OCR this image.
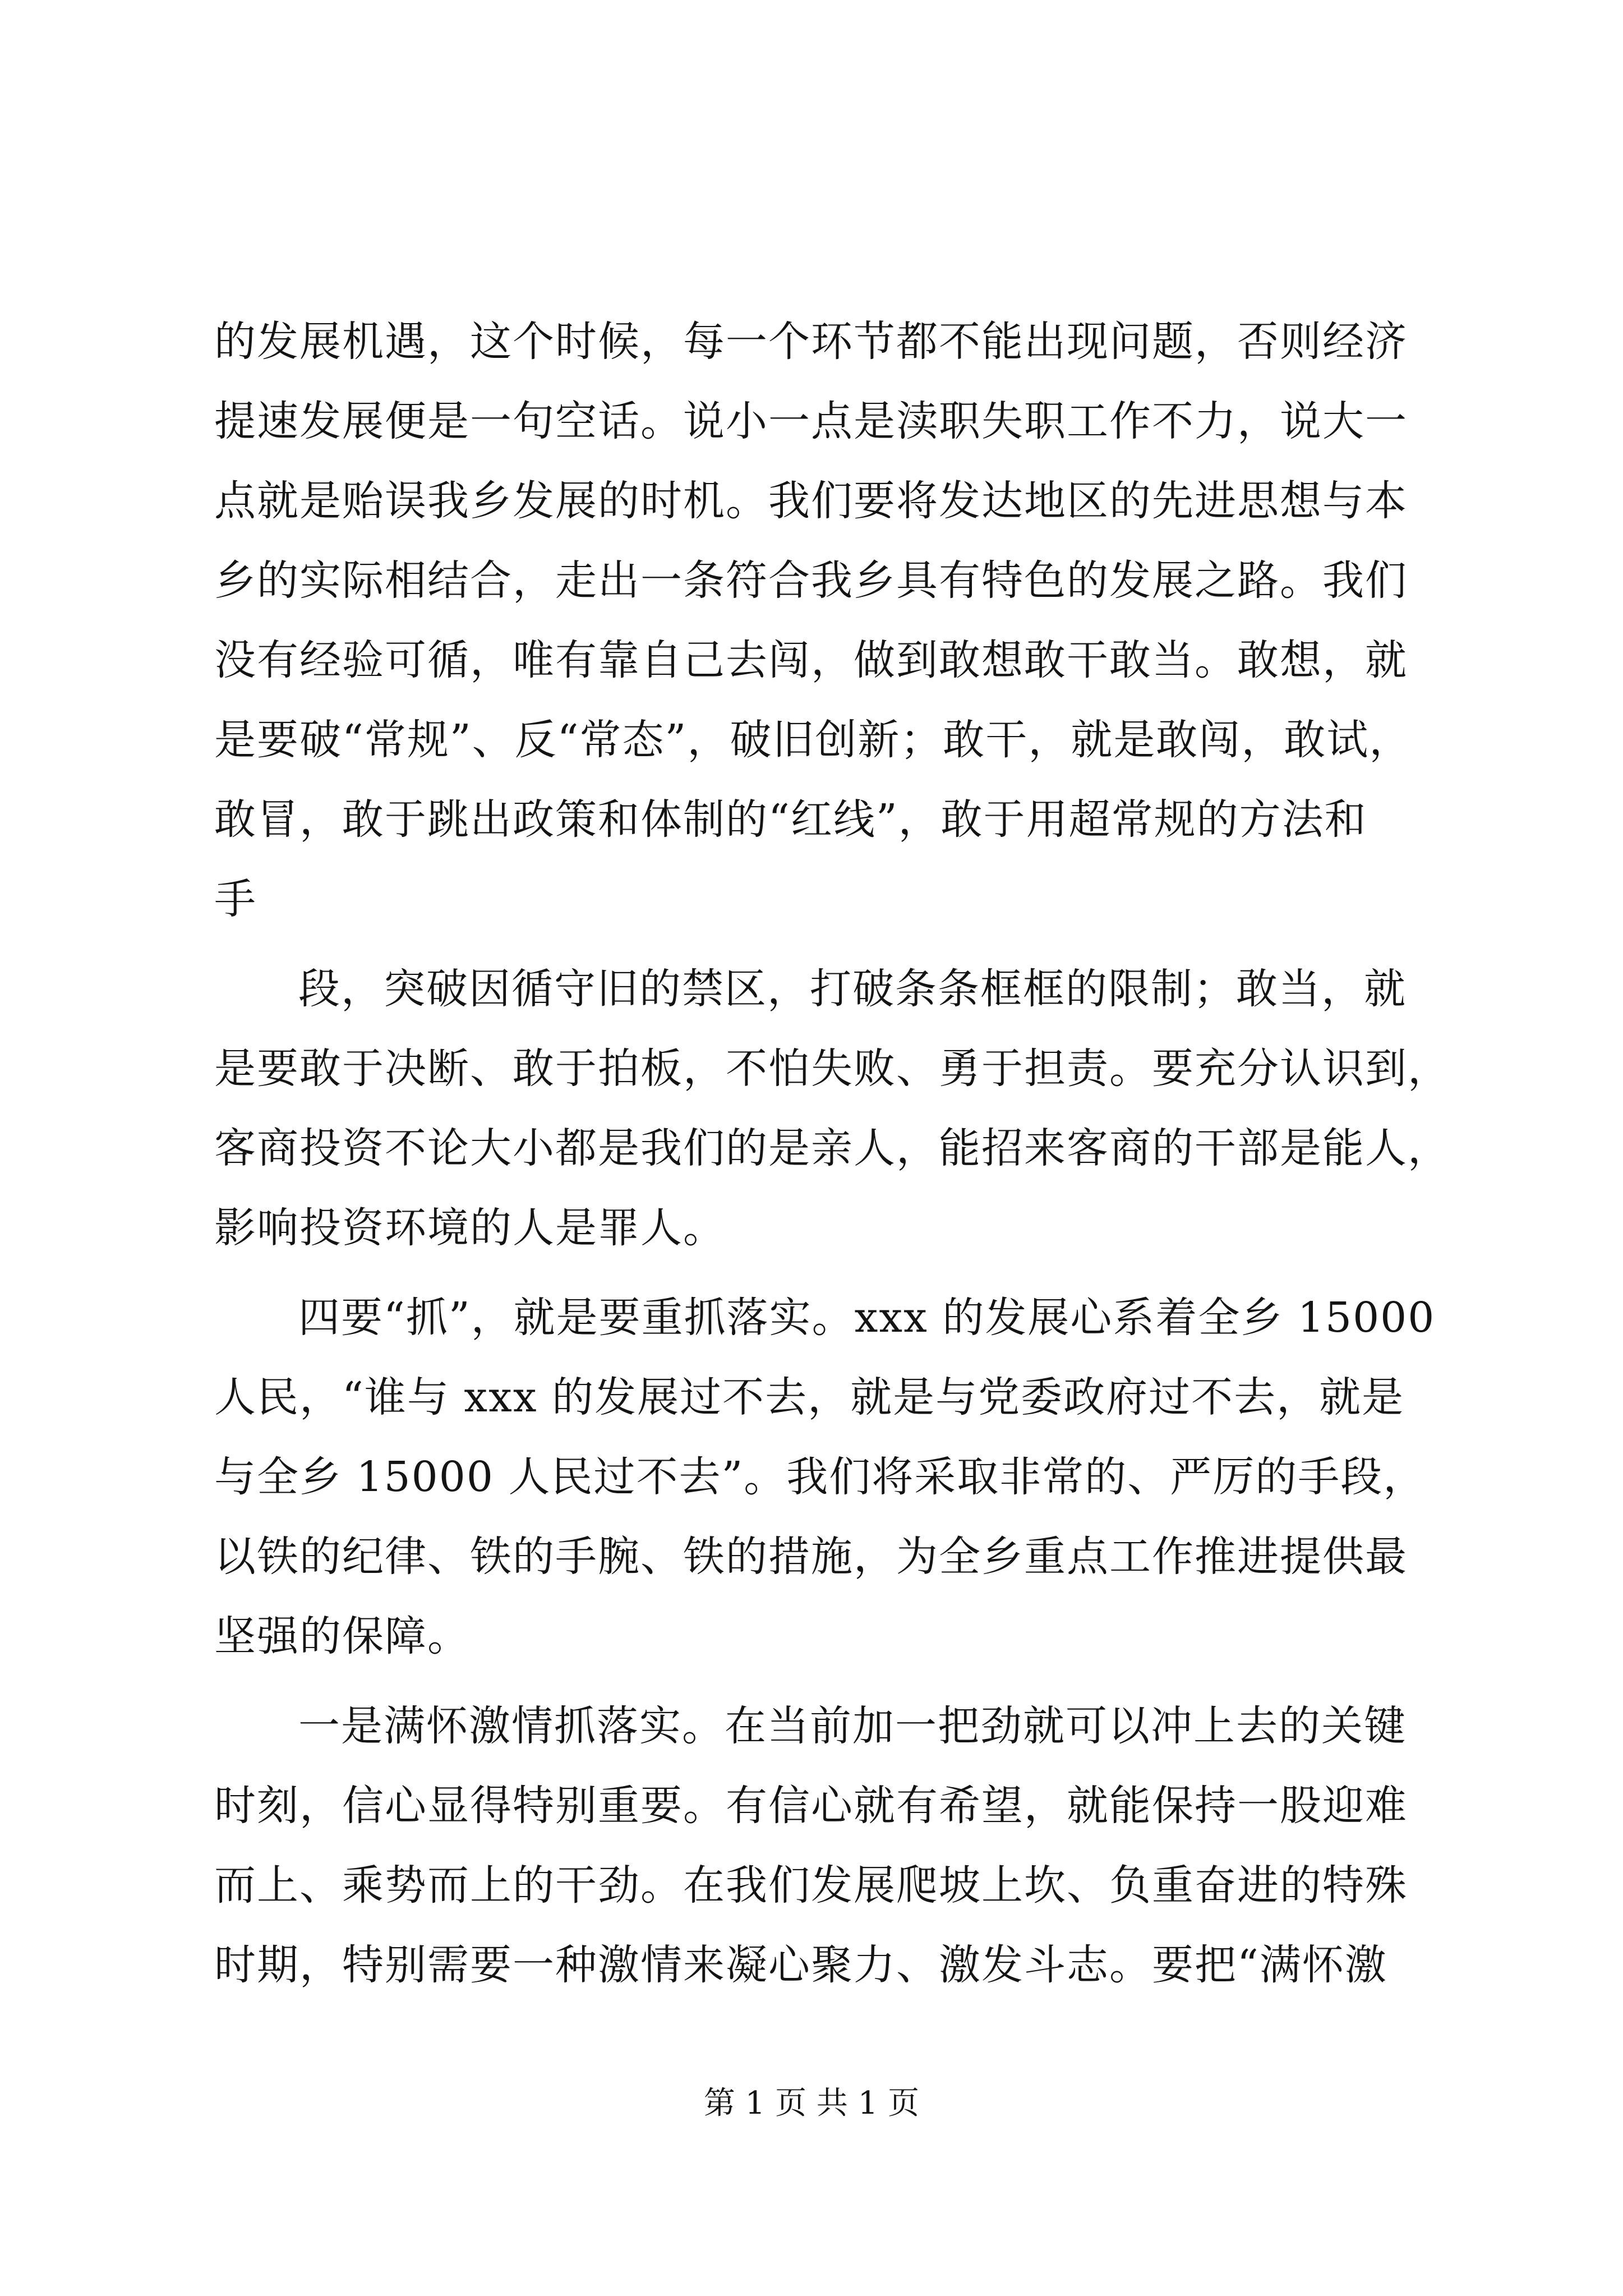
的发展机遇，这个时候，每一个环节都不能出现问题，否则经济
提速发展便是一句空话。说小一点是渎职失职工作不力，说大一
点就是贻误我乡发展的时机。我们要将发达地区的先进思想与本
乡的实际相结合，走出一条符合我乡具有特色的发展之路。我们
没有经验可循，唯有靠自己去闯，做到敢想敢干敢当。敢想，就
是要破“常规”、反“常态”，破旧创新；敢干，就是敢闯，敢试，
敢冒，敢于跳出政策和体制的“红线”，敢于用超常规的方法和
手
段，突破因循守旧的禁区，打破条条框框的限制；敢当，就
是要敢于决断、敢于拍板，不怕失败、勇于担责。要充分认识到，
客商投资不论大小都是我们的是亲人，能招来客商的干部是能人，
影响投资环境的人是罪人。
四要“抓”，就是要重抓落实。xxx 的发展心系着全乡 15000
人民，“谁与 xxx 的发展过不去，就是与党委政府过不去，就是
与全乡 15000 人民过不去”。我们将采取非常的、严厉的手段，
以铁的纪律、铁的手腕、铁的措施，为全乡重点工作推进提供最
坚强的保障。
一是满怀激情抓落实。在当前加一把劲就可以冲上去的关键
时刻，信心显得特别重要。有信心就有希望，就能保持一股迎难
而上、乘势而上的干劲。在我们发展爬坡上坎、负重奋进的特殊
时期，特别需要一种激情来凝心聚力、激发斗志。要把“满怀激
第 1 页 共 1 页
